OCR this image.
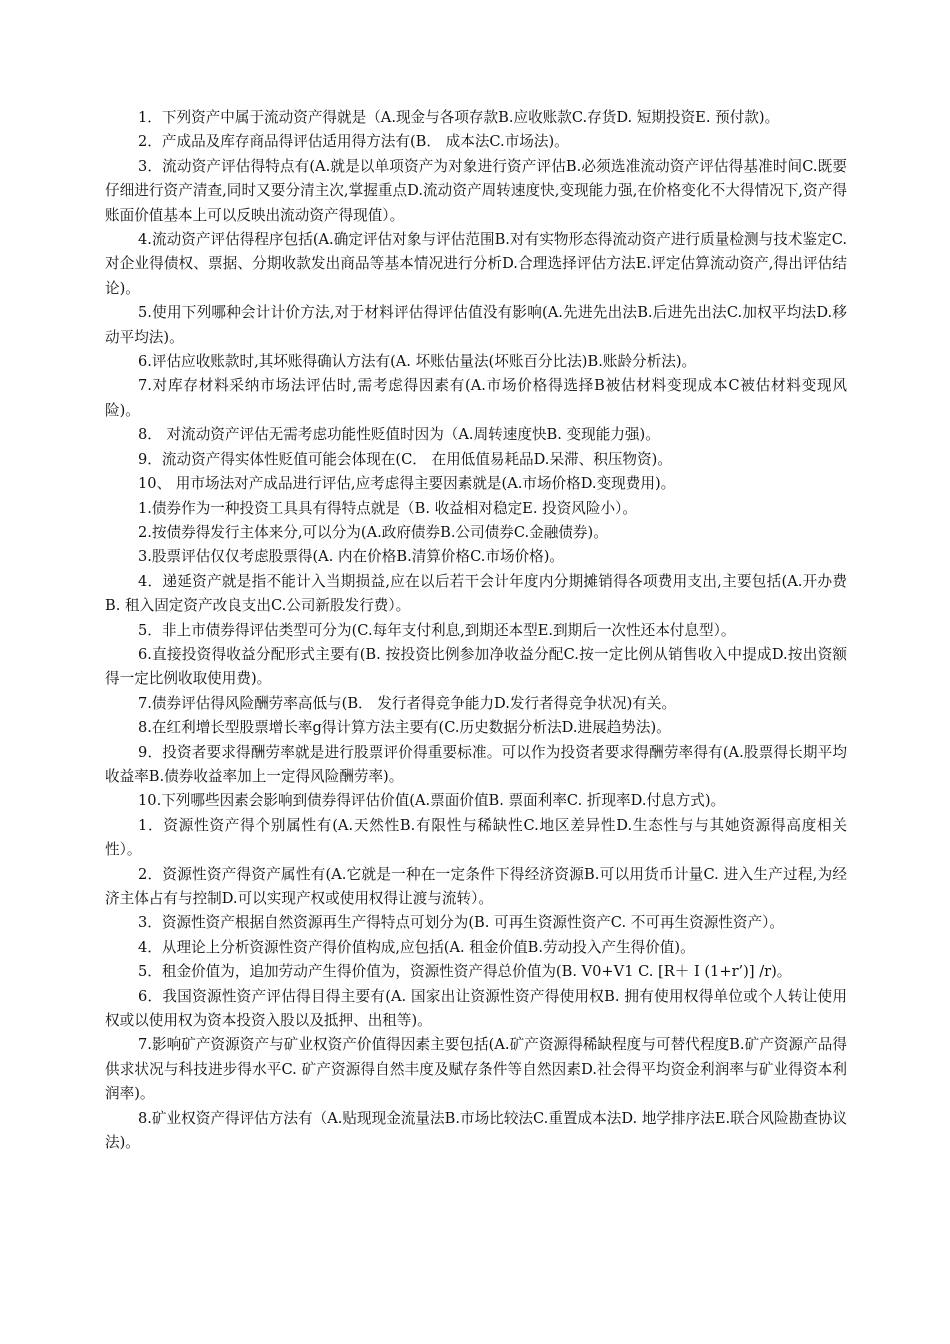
1．下列资产中属于流动资产得就是（A.现金与各项存款B.应收账款C.存货D. 短期投资E. 预付款)。

2．产成品及库存商品得评估适用得方法有(B． 成本法C.市场法)。

3．流动资产评估得特点有(A.就是以单项资产为对象进行资产评估B.必须选准流动资产评估得基准时间C.既要仔细进行资产清查,同时又要分清主次,掌握重点D.流动资产周转速度快,变现能力强,在价格变化不大得情况下,资产得账面价值基本上可以反映出流动资产得现值）。

4.流动资产评估得程序包括(A.确定评估对象与评估范围B.对有实物形态得流动资产进行质量检测与技术鉴定C.对企业得债权、票据、分期收款发出商品等基本情况进行分析D.合理选择评估方法E.评定估算流动资产,得出评估结论)。

5.使用下列哪种会计计价方法,对于材料评估得评估值没有影响(A.先进先出法B.后进先出法C.加权平均法D.移动平均法)。

6.评估应收账款时,其坏账得确认方法有(A. 坏账估量法(坏账百分比法)B.账龄分析法)。

7.对库存材料采纳市场法评估时,需考虑得因素有(A.市场价格得选择B被估材料变现成本C被估材料变现风险)。

8． 对流动资产评估无需考虑功能性贬值时因为（A.周转速度快B. 变现能力强)。

9．流动资产得实体性贬值可能会体现在(C． 在用低值易耗品D.呆滞、积压物资)。

10、 用市场法对产成品进行评估,应考虑得主要因素就是(A.市场价格D.变现费用)。

1.债券作为一种投资工具具有得特点就是（B. 收益相对稳定E. 投资风险小）。

2.按债券得发行主体来分,可以分为(A.政府债券B.公司债券C.金融债券)。

3.股票评估仅仅考虑股票得(A. 内在价格B.清算价格C.市场价格)。

4．递延资产就是指不能计入当期损益,应在以后若干会计年度内分期摊销得各项费用支出,主要包括(A.开办费B. 租入固定资产改良支出C.公司新股发行费）。

5．非上市债券得评估类型可分为(C.每年支付利息,到期还本型E.到期后一次性还本付息型）。

6.直接投资得收益分配形式主要有(B. 按投资比例参加净收益分配C.按一定比例从销售收入中提成D.按出资额得一定比例收取使用费)。

7.债券评估得风险酬劳率高低与(B． 发行者得竞争能力D.发行者得竞争状况)有关。

8.在红利增长型股票增长率g得计算方法主要有(C.历史数据分析法D.进展趋势法)。

9．投资者要求得酬劳率就是进行股票评价得重要标准。可以作为投资者要求得酬劳率得有(A.股票得长期平均收益率B.债券收益率加上一定得风险酬劳率)。

10.下列哪些因素会影响到债券得评估价值(A.票面价值B. 票面利率C. 折现率D.付息方式)。

1．资源性资产得个别属性有(A.天然性B.有限性与稀缺性C.地区差异性D.生态性与与其她资源得高度相关性）。

2．资源性资产得资产属性有(A.它就是一种在一定条件下得经济资源B.可以用货币计量C. 进入生产过程,为经济主体占有与控制D.可以实现产权或使用权得让渡与流转）。

3．资源性资产根据自然资源再生产得特点可划分为(B. 可再生资源性资产C. 不可再生资源性资产）。

4．从理论上分析资源性资产得价值构成,应包括(A. 租金价值B.劳动投入产生得价值)。

5．租金价值为，追加劳动产生得价值为，资源性资产得总价值为(B. V0+V1 C. [R＋ I (1+r’)] /r)。

6．我国资源性资产评估得目得主要有(A. 国家出让资源性资产得使用权B. 拥有使用权得单位或个人转让使用权或以使用权为资本投资入股以及抵押、出租等)。

7.影响矿产资源资产与矿业权资产价值得因素主要包括(A.矿产资源得稀缺程度与可替代程度B.矿产资源产品得供求状况与科技进步得水平C. 矿产资源得自然丰度及赋存条件等自然因素D.社会得平均资金利润率与矿业得资本利润率)。

8.矿业权资产得评估方法有（A.贴现现金流量法B.市场比较法C.重置成本法D. 地学排序法E.联合风险勘查协议法)。
